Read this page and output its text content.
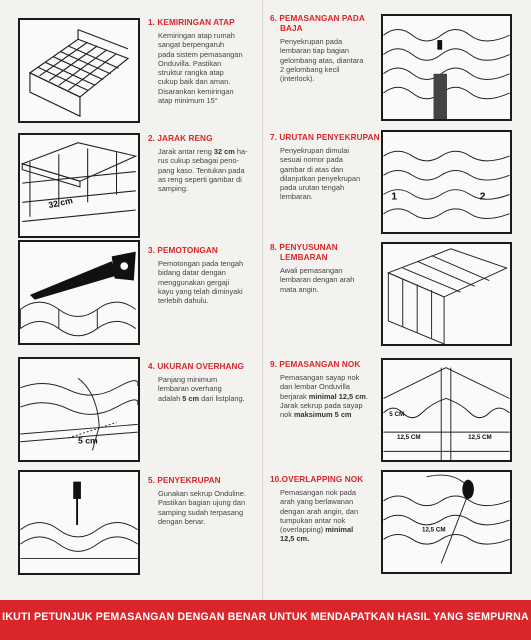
1. KEMIRINGAN ATAP
Kemiringan atap rumah
sangat berpengaruh
pada sistem pemasangan
Onduvilla. Pastikan
struktur rangka atap
cukup baik dan aman.
Disarankan kemiringan
atap minimum 15°
32 cm
2. JARAK RENG
Jarak antar reng 32 cm ha-
rus cukup sebagai peno-
pang kaso. Tentukan pada
as reng seperti gambar di
samping.
3. PEMOTONGAN
Pemotongan pada tengah
bidang datar dengan
menggunakan gergaji
kayu yang telah diminyaki
terlebih dahulu.
5 cm
4. UKURAN OVERHANG
Panjang minimum
lembaran overhang
adalah 5 cm dari listplang.
5. PENYEKRUPAN
Gunakan sekrup Onduline.
Pastikan bagian ujung dan
samping sudah terpasang
dengan benar.
6. PEMASANGAN PADA
BAJA
Penyekrupan pada
lembaran tiap bagian
gelombang atas, diantara
2 gelombang kecil
(interlock).
7. URUTAN PENYEKRUPAN
Penyekrupan dimulai
sesuai nomor pada
gambar di atas dan
dilanjutkan penyekrupan
pada urutan tengah
lembaran.	1	2
8. PENYUSUNAN
LEMBARAN
Awali pemasangan
lembaran dengan arah
mata angin.
9. PEMASANGAN NOK
Pemasangan sayap nok
dan lembar Onduvilla
berjarak minimal 12,5 cm.
Jarak sekrup pada sayap
nok maksimum 5 cm	5 CM
12,5 CM	12,5 CM
10.OVERLAPPING NOK
Pemasangan nok pada
arah yang berlawanan
dengan arah angin, dan
tumpukan antar nok
(overlapping) minimal
12,5 cm.
12,5 CM
IKUTI PETUNJUK PEMASANGAN DENGAN BENAR UNTUK MENDAPATKAN HASIL YANG SEMPURNA
